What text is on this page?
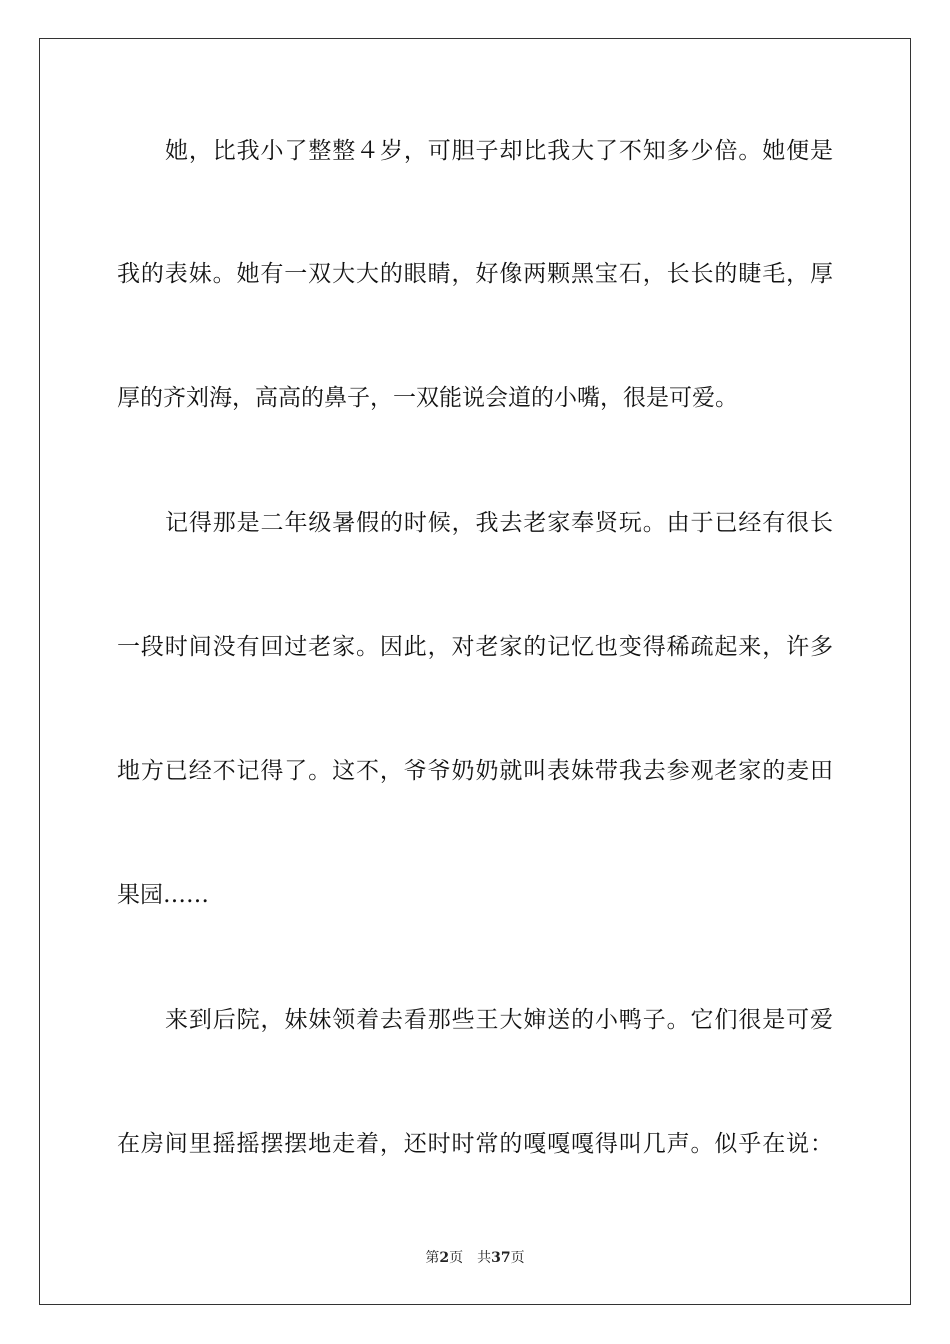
她，比我小了整整４岁，可胆子却比我大了不知多少倍。她便是
我的表妹。她有一双大大的眼睛，好像两颗黑宝石，长长的睫毛，厚
厚的齐刘海，高高的鼻子，一双能说会道的小嘴，很是可爱。
记得那是二年级暑假的时候，我去老家奉贤玩。由于已经有很长
一段时间没有回过老家。因此，对老家的记忆也变得稀疏起来，许多
地方已经不记得了。这不，爷爷奶奶就叫表妹带我去参观老家的麦田
果园……
来到后院，妹妹领着去看那些王大婶送的小鸭子。它们很是可爱
在房间里摇摇摆摆地走着，还时时常的嘎嘎嘎得叫几声。似乎在说：
第2页 共37页
